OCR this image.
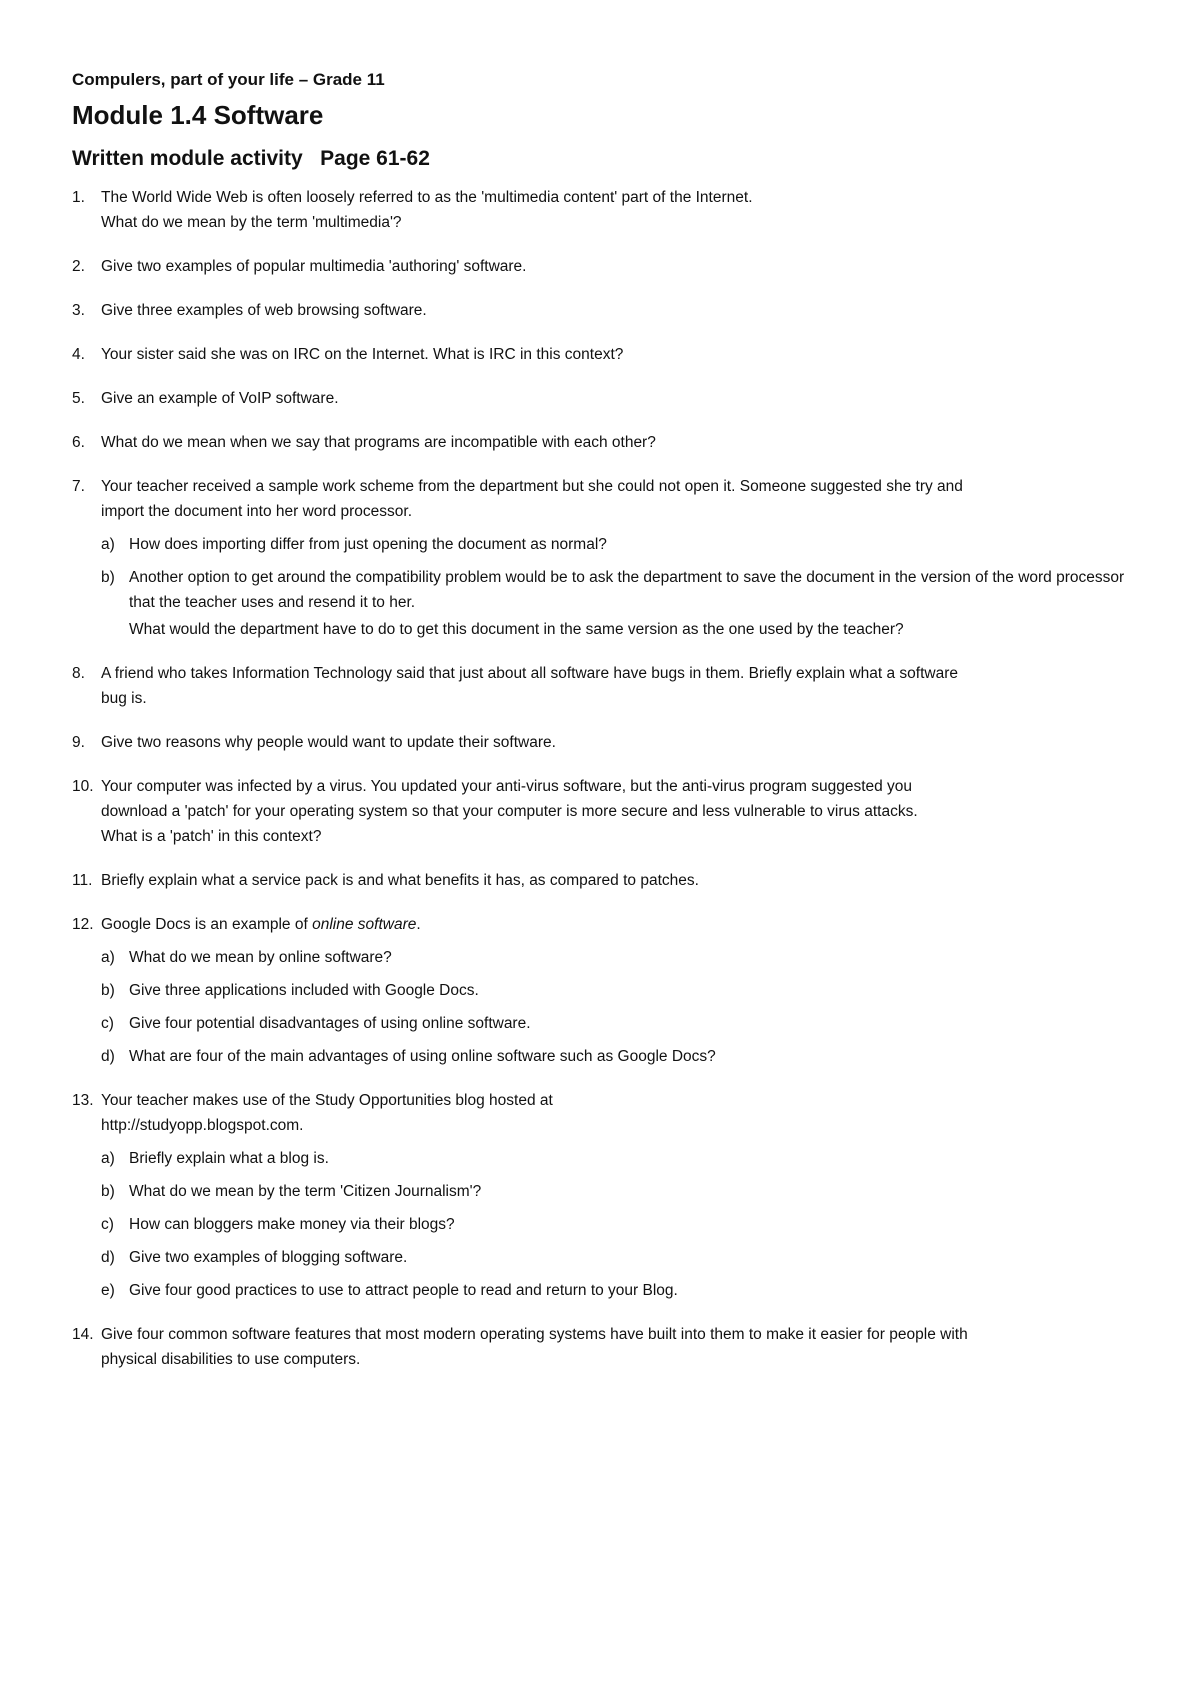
Compulers, part of your life – Grade 11
Module 1.4 Software
Written module activity   Page 61-62
1. The World Wide Web is often loosely referred to as the 'multimedia content' part of the Internet.
What do we mean by the term 'multimedia'?
2. Give two examples of popular multimedia 'authoring' software.
3. Give three examples of web browsing software.
4. Your sister said she was on IRC on the Internet. What is IRC in this context?
5. Give an example of VoIP software.
6. What do we mean when we say that programs are incompatible with each other?
7. Your teacher received a sample work scheme from the department but she could not open it. Someone suggested she try and
import the document into her word processor.
a) How does importing differ from just opening the document as normal?
b) Another option to get around the compatibility problem would be to ask the department to save the document in the version of the word processor that the teacher uses and resend it to her.
What would the department have to do to get this document in the same version as the one used by the teacher?
8. A friend who takes Information Technology said that just about all software have bugs in them. Briefly explain what a software
bug is.
9. Give two reasons why people would want to update their software.
10. Your computer was infected by a virus. You updated your anti-virus software, but the anti-virus program suggested you
download a 'patch' for your operating system so that your computer is more secure and less vulnerable to virus attacks.
What is a 'patch' in this context?
11. Briefly explain what a service pack is and what benefits it has, as compared to patches.
12. Google Docs is an example of online software.
a) What do we mean by online software?
b) Give three applications included with Google Docs.
c) Give four potential disadvantages of using online software.
d) What are four of the main advantages of using online software such as Google Docs?
13. Your teacher makes use of the Study Opportunities blog hosted at
http://studyopp.blogspot.com.
a) Briefly explain what a blog is.
b) What do we mean by the term 'Citizen Journalism'?
c) How can bloggers make money via their blogs?
d) Give two examples of blogging software.
e) Give four good practices to use to attract people to read and return to your Blog.
14. Give four common software features that most modern operating systems have built into them to make it easier for people with
physical disabilities to use computers.
